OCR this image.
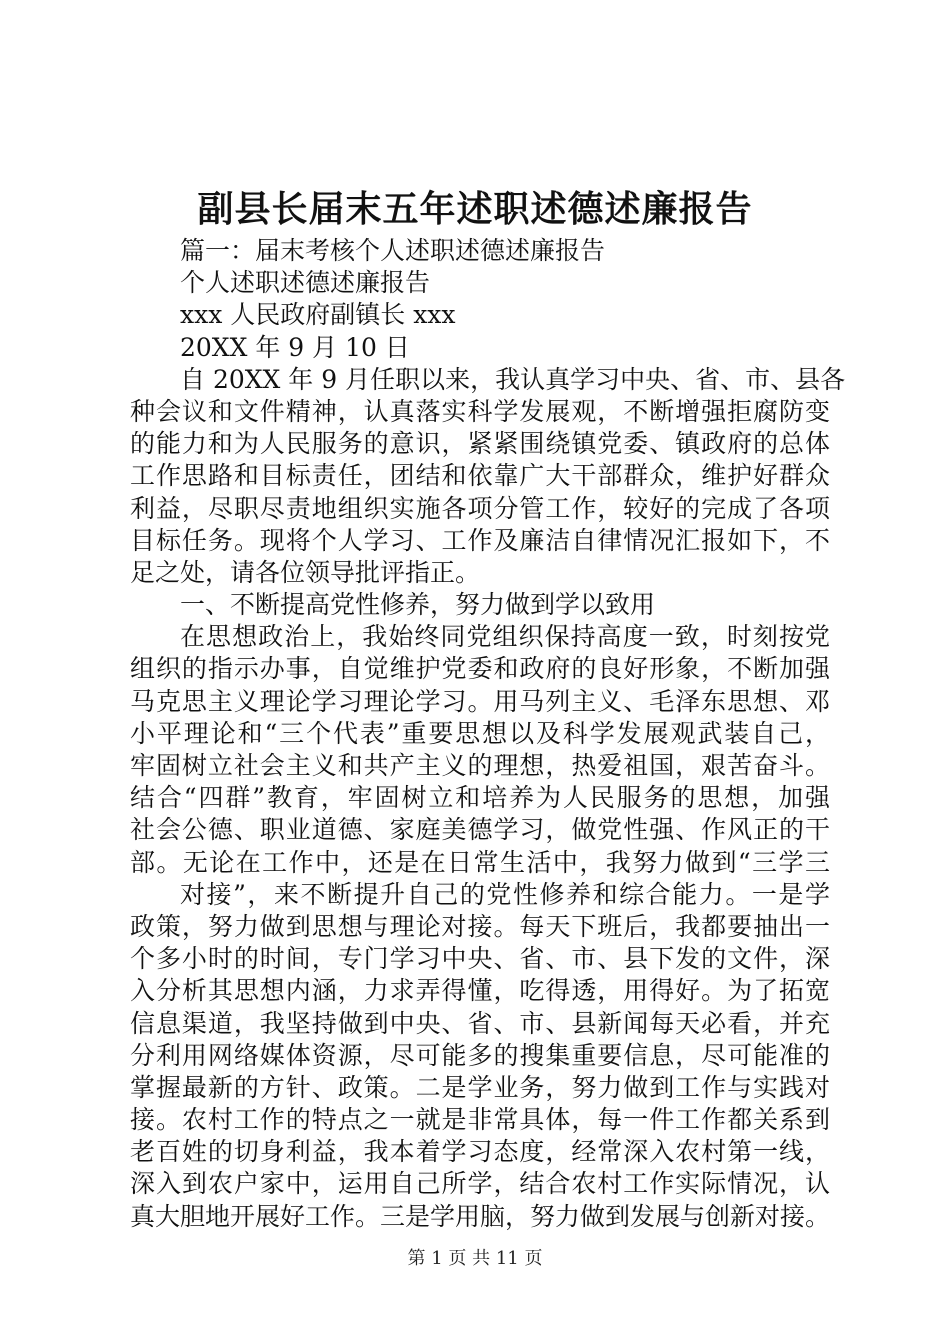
副县长届末五年述职述德述廉报告
篇一：届末考核个人述职述德述廉报告
个人述职述德述廉报告
xxx 人民政府副镇长 xxx
20XX 年 9 月 10 日
自 20XX 年 9 月任职以来，我认真学习中央、省、市、县各
种会议和文件精神，认真落实科学发展观，不断增强拒腐防变
的能力和为人民服务的意识，紧紧围绕镇党委、镇政府的总体
工作思路和目标责任，团结和依靠广大干部群众，维护好群众
利益，尽职尽责地组织实施各项分管工作，较好的完成了各项
目标任务。现将个人学习、工作及廉洁自律情况汇报如下，不
足之处，请各位领导批评指正。
一、不断提高党性修养，努力做到学以致用
在思想政治上，我始终同党组织保持高度一致，时刻按党
组织的指示办事，自觉维护党委和政府的良好形象，不断加强
马克思主义理论学习理论学习。用马列主义、毛泽东思想、邓
小平理论和“三个代表”重要思想以及科学发展观武装自己，
牢固树立社会主义和共产主义的理想，热爱祖国，艰苦奋斗。
结合“四群”教育，牢固树立和培养为人民服务的思想，加强
社会公德、职业道德、家庭美德学习，做党性强、作风正的干
部。无论在工作中，还是在日常生活中，我努力做到“三学三
对接”，来不断提升自己的党性修养和综合能力。一是学
政策，努力做到思想与理论对接。每天下班后，我都要抽出一
个多小时的时间，专门学习中央、省、市、县下发的文件，深
入分析其思想内涵，力求弄得懂，吃得透，用得好。为了拓宽
信息渠道，我坚持做到中央、省、市、县新闻每天必看，并充
分利用网络媒体资源，尽可能多的搜集重要信息，尽可能准的
掌握最新的方针、政策。二是学业务，努力做到工作与实践对
接。农村工作的特点之一就是非常具体，每一件工作都关系到
老百姓的切身利益，我本着学习态度，经常深入农村第一线，
深入到农户家中，运用自己所学，结合农村工作实际情况，认
真大胆地开展好工作。三是学用脑，努力做到发展与创新对接。
第 1 页 共 11 页
